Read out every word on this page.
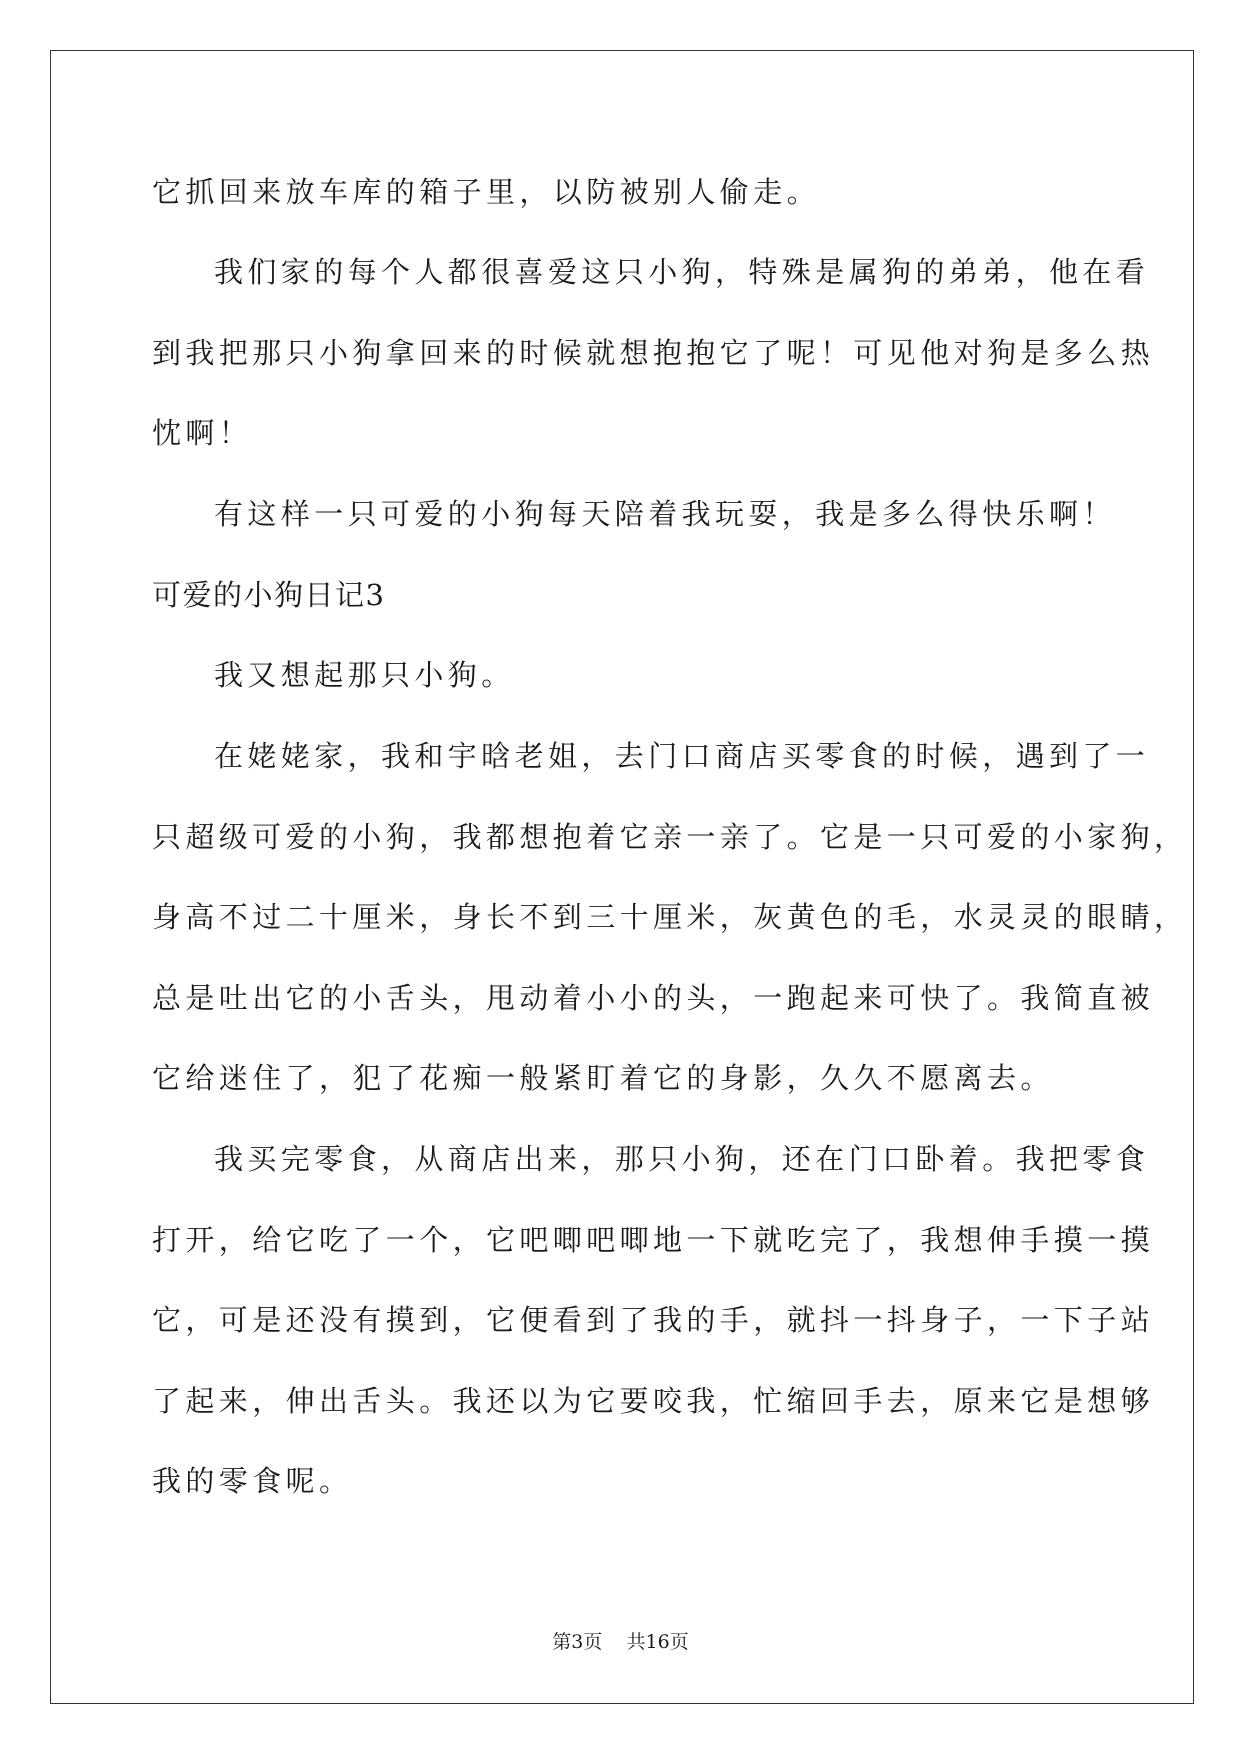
它抓回来放车库的箱子里，以防被别人偷走。
我们家的每个人都很喜爱这只小狗，特殊是属狗的弟弟，他在看
到我把那只小狗拿回来的时候就想抱抱它了呢！可见他对狗是多么热
忱啊！
有这样一只可爱的小狗每天陪着我玩耍，我是多么得快乐啊！
可爱的小狗日记3
我又想起那只小狗。
在姥姥家，我和宇晗老姐，去门口商店买零食的时候，遇到了一
只超级可爱的小狗，我都想抱着它亲一亲了。它是一只可爱的小家狗，
身高不过二十厘米，身长不到三十厘米，灰黄色的毛，水灵灵的眼睛，
总是吐出它的小舌头，甩动着小小的头，一跑起来可快了。我简直被
它给迷住了，犯了花痴一般紧盯着它的身影，久久不愿离去。
我买完零食，从商店出来，那只小狗，还在门口卧着。我把零食
打开，给它吃了一个，它吧唧吧唧地一下就吃完了，我想伸手摸一摸
它，可是还没有摸到，它便看到了我的手，就抖一抖身子，一下子站
了起来，伸出舌头。我还以为它要咬我，忙缩回手去，原来它是想够
我的零食呢。
第3页    共16页
